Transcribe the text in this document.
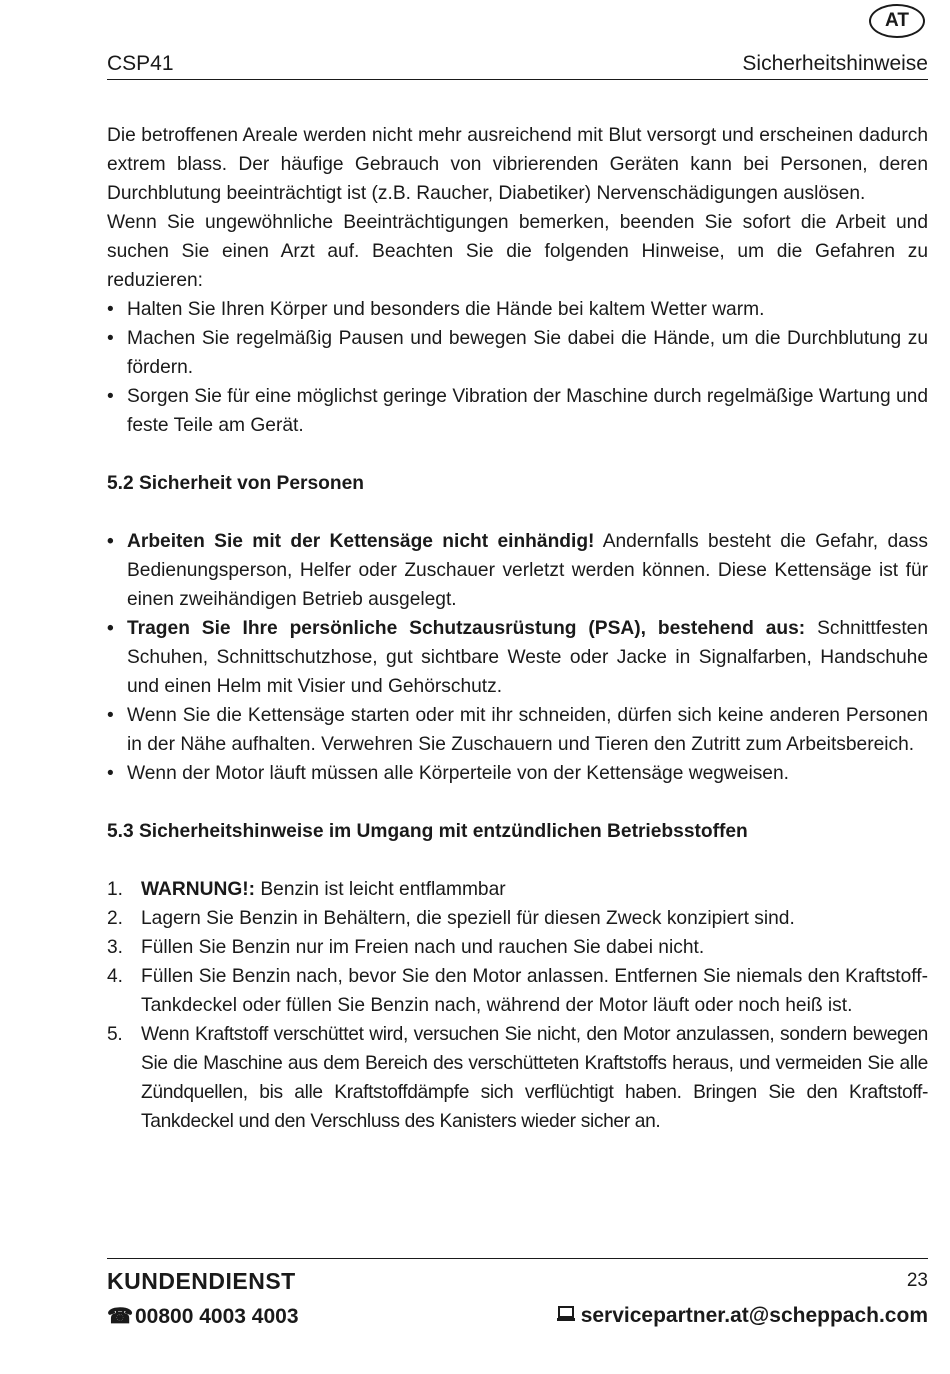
AT
CSP41	Sicherheitshinweise

Die betroffenen Areale werden nicht mehr ausreichend mit Blut versorgt und erscheinen dadurch extrem blass. Der häufige Gebrauch von vibrierenden Geräten kann bei Personen, deren Durchblutung beeinträchtigt ist (z.B. Raucher, Diabetiker) Nervenschädigungen auslösen.

Wenn Sie ungewöhnliche Beeinträchtigungen bemerken, beenden Sie sofort die Arbeit und suchen Sie einen Arzt auf. Beachten Sie die folgenden Hinweise, um die Gefahren zu reduzieren:

• Halten Sie Ihren Körper und besonders die Hände bei kaltem Wetter warm.
• Machen Sie regelmäßig Pausen und bewegen Sie dabei die Hände, um die Durchblutung zu fördern.
• Sorgen Sie für eine möglichst geringe Vibration der Maschine durch regelmäßige Wartung und feste Teile am Gerät.
5.2 Sicherheit von Personen
• Arbeiten Sie mit der Kettensäge nicht einhändig! Andernfalls besteht die Gefahr, dass Bedienungsperson, Helfer oder Zuschauer verletzt werden können. Diese Kettensäge ist für einen zweihändigen Betrieb ausgelegt.
• Tragen Sie Ihre persönliche Schutzausrüstung (PSA), bestehend aus: Schnittfesten Schuhen, Schnittschutzhose, gut sichtbare Weste oder Jacke in Signalfarben, Handschuhe und einen Helm mit Visier und Gehörschutz.
• Wenn Sie die Kettensäge starten oder mit ihr schneiden, dürfen sich keine anderen Personen in der Nähe aufhalten. Verwehren Sie Zuschauern und Tieren den Zutritt zum Arbeitsbereich.
• Wenn der Motor läuft müssen alle Körperteile von der Kettensäge wegweisen.
5.3 Sicherheitshinweise im Umgang mit entzündlichen Betriebsstoffen
1. WARNUNG!: Benzin ist leicht entflammbar
2. Lagern Sie Benzin in Behältern, die speziell für diesen Zweck konzipiert sind.
3. Füllen Sie Benzin nur im Freien nach und rauchen Sie dabei nicht.
4. Füllen Sie Benzin nach, bevor Sie den Motor anlassen. Entfernen Sie niemals den Kraftstoff-Tankdeckel oder füllen Sie Benzin nach, während der Motor läuft oder noch heiß ist.
5. Wenn Kraftstoff verschüttet wird, versuchen Sie nicht, den Motor anzulassen, sondern bewegen Sie die Maschine aus dem Bereich des verschütteten Kraftstoffs heraus, und vermeiden Sie alle Zündquellen, bis alle Kraftstoffdämpfe sich verflüchtigt haben. Bringen Sie den Kraftstoff-Tankdeckel und den Verschluss des Kanisters wieder sicher an.
KUNDENDIENST	23
☎00800 4003 4003	servicepartner.at@scheppach.com
